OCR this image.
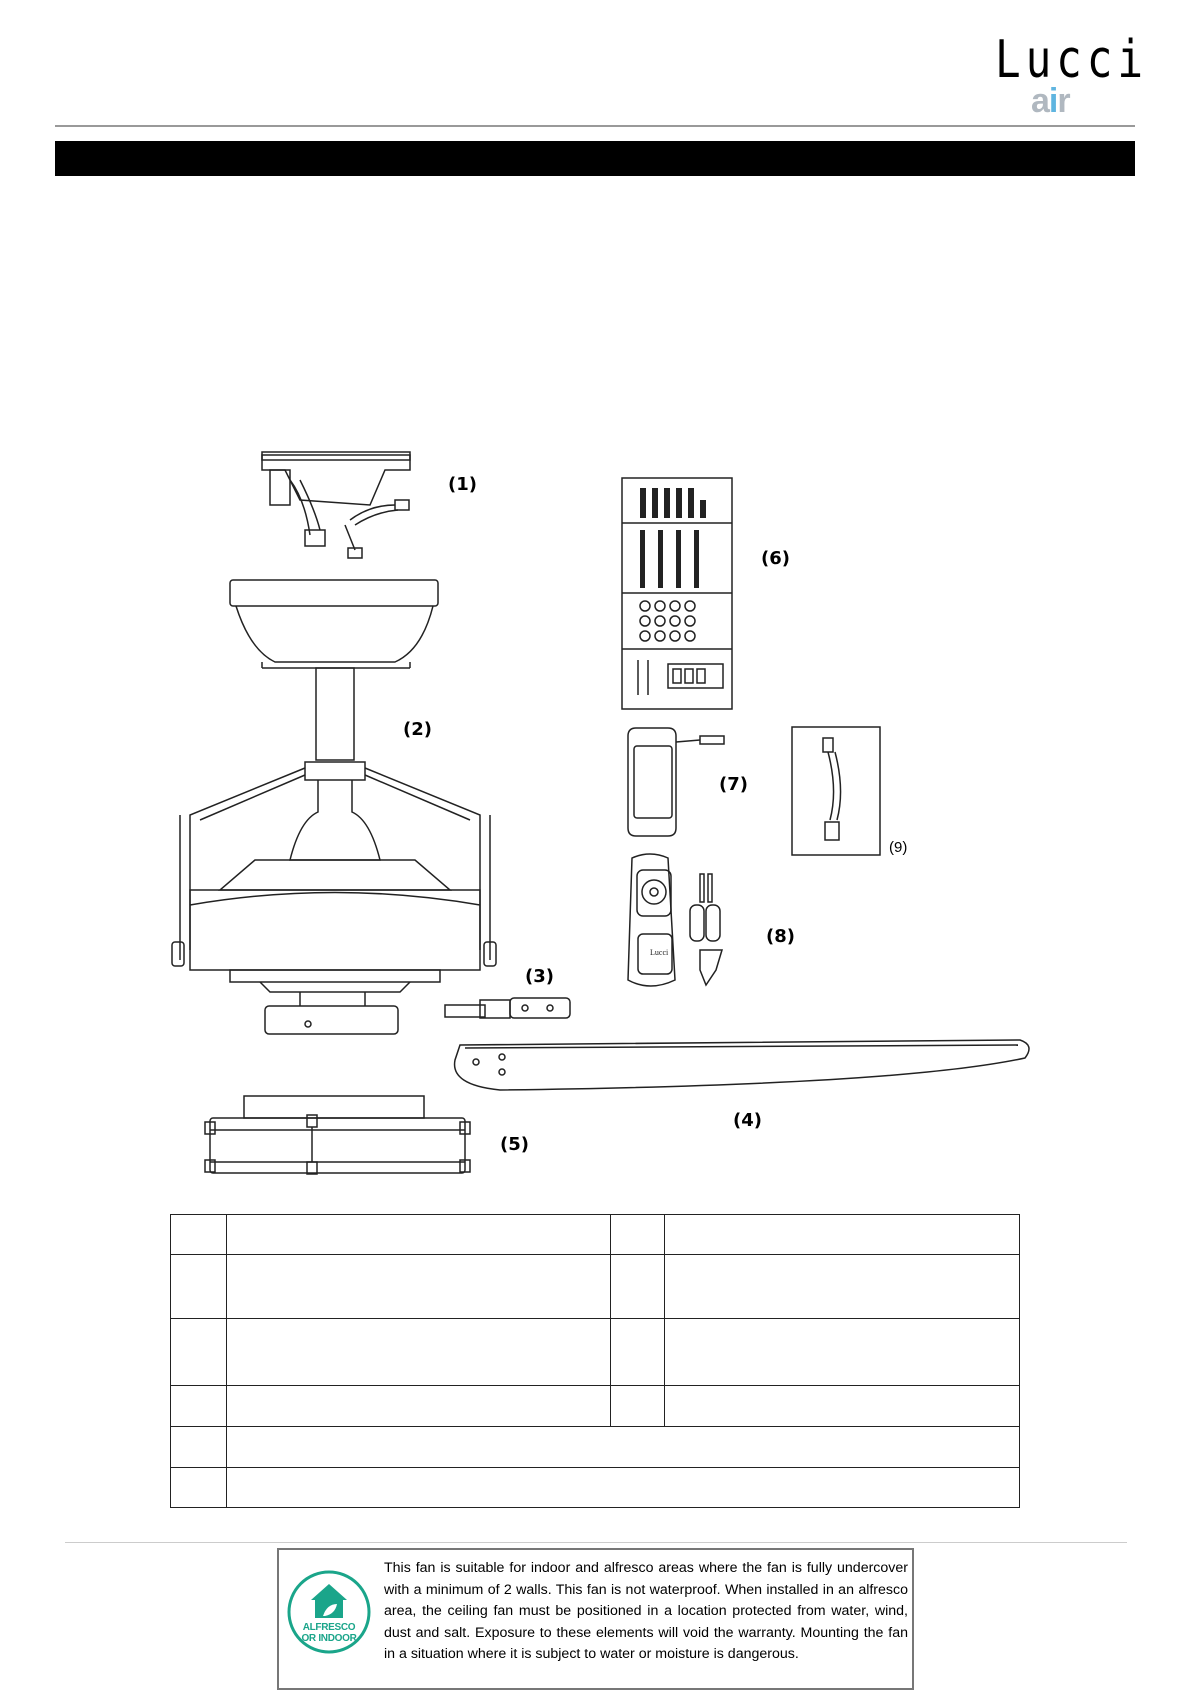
Lucci
air
Lucci
(1)
(2)
(3)
(4)
(5)
(6)
(7)
(8)
(9)

ALFRESCO
OR INDOOR
This fan is suitable for indoor and alfresco areas where the fan is fully undercover with a minimum of 2 walls. This fan is not waterproof. When installed in an alfresco area, the ceiling fan must be positioned in a location protected from water, wind, dust and salt. Exposure to these elements will void the warranty. Mounting the fan in a situation where it is subject to water or moisture is dangerous.
